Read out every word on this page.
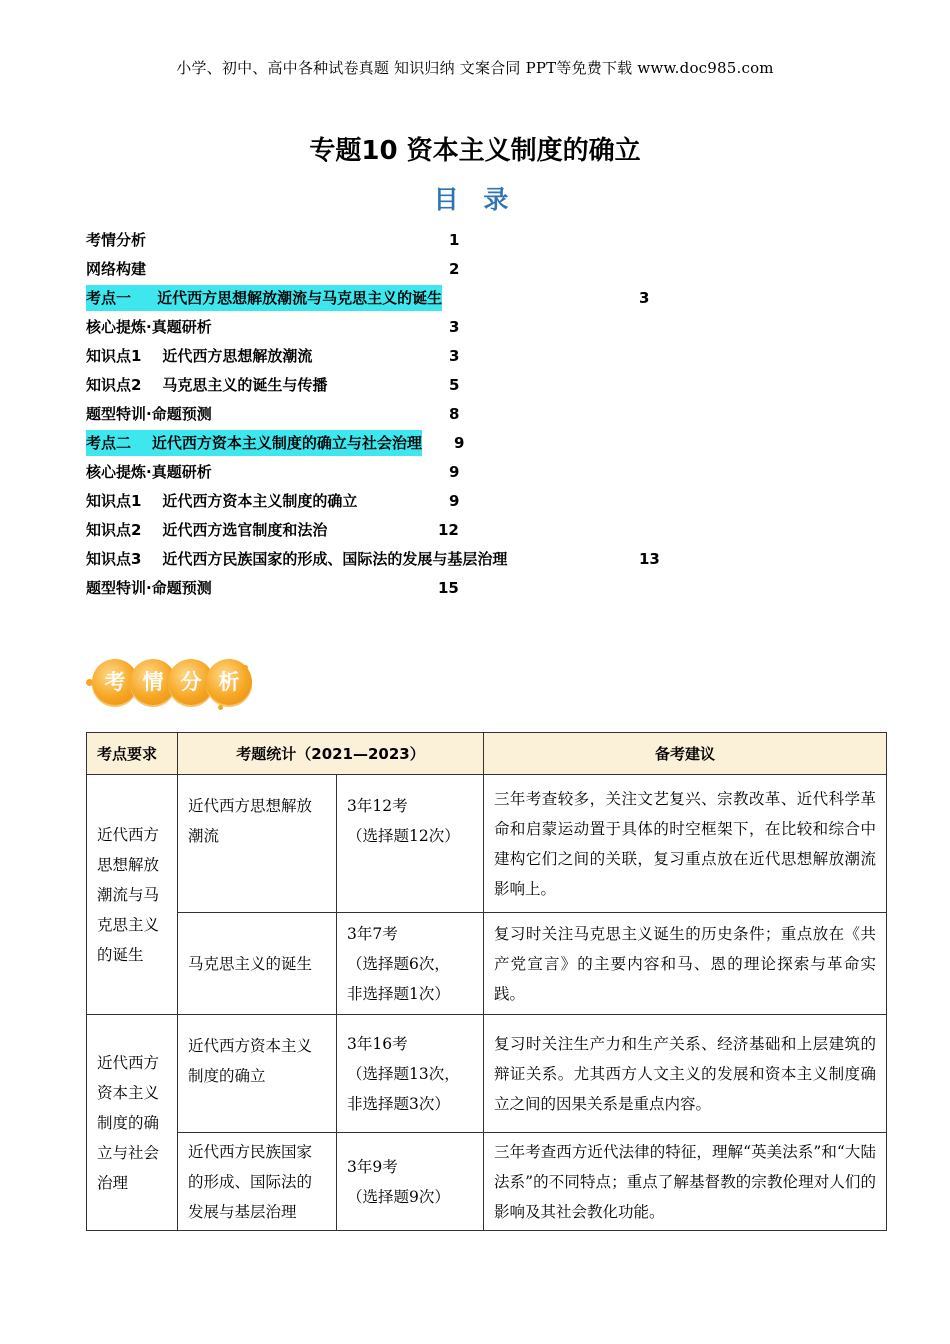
小学、初中、高中各种试卷真题 知识归纳 文案合同 PPT等免费下载 www.doc985.com
专题10 资本主义制度的确立
目 录
考情分析	1
网络构建	2
考点一     近代西方思想解放潮流与马克思主义的诞生	3
核心提炼·真题研析	3
知识点1    近代西方思想解放潮流	3
知识点2    马克思主义的诞生与传播	5
题型特训·命题预测	8
考点二    近代西方资本主义制度的确立与社会治理 9
核心提炼·真题研析	9
知识点1    近代西方资本主义制度的确立	9
知识点2    近代西方选官制度和法治	12
知识点3    近代西方民族国家的形成、国际法的发展与基层治理	13
题型特训·命题预测	15
考 情 分 析
考点要求	考题统计（2021—2023）		备考建议
近代西方思想解放潮流与马克思主义的诞生	近代西方思想解放潮流	3年12考
（选择题12次）	三年考查较多，关注文艺复兴、宗教改革、近代科学革命和启蒙运动置于具体的时空框架下，在比较和综合中建构它们之间的关联，复习重点放在近代思想解放潮流影响上。
	马克思主义的诞生	3年7考
（选择题6次，
非选择题1次）	复习时关注马克思主义诞生的历史条件；重点放在《共产党宣言》的主要内容和马、恩的理论探索与革命实践。
近代西方资本主义制度的确立与社会治理	近代西方资本主义制度的确立	3年16考
（选择题13次，
非选择题3次）	复习时关注生产力和生产关系、经济基础和上层建筑的辩证关系。尤其西方人文主义的发展和资本主义制度确立之间的因果关系是重点内容。
	近代西方民族国家的形成、国际法的发展与基层治理	3年9考
（选择题9次）	三年考查西方近代法律的特征，理解“英美法系”和“大陆法系”的不同特点；重点了解基督教的宗教伦理对人们的影响及其社会教化功能。
